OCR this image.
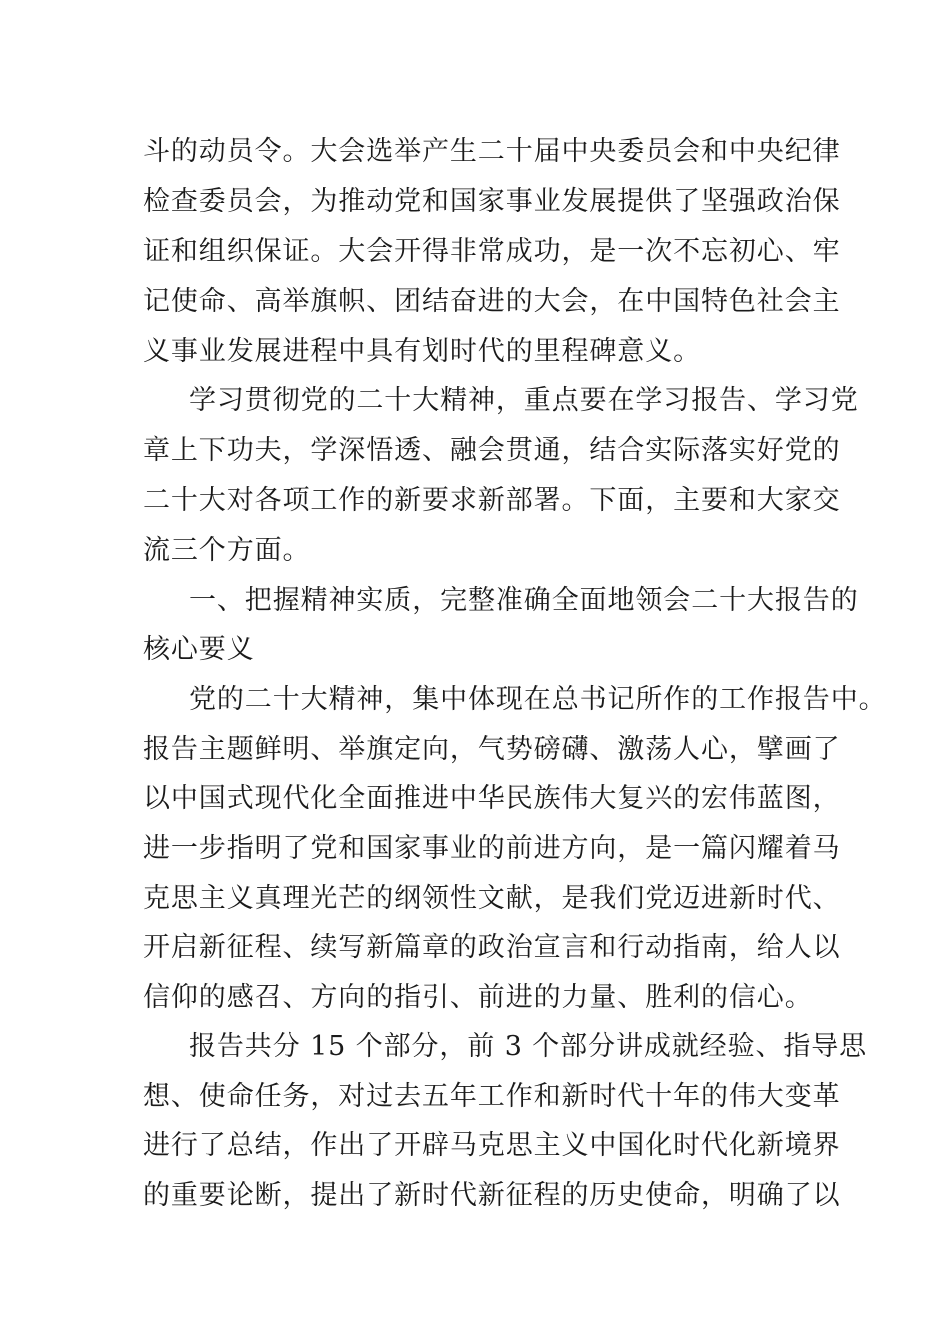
斗的动员令。大会选举产生二十届中央委员会和中央纪律
检查委员会，为推动党和国家事业发展提供了坚强政治保
证和组织保证。大会开得非常成功，是一次不忘初心、牢
记使命、高举旗帜、团结奋进的大会，在中国特色社会主
义事业发展进程中具有划时代的里程碑意义。
学习贯彻党的二十大精神，重点要在学习报告、学习党
章上下功夫，学深悟透、融会贯通，结合实际落实好党的
二十大对各项工作的新要求新部署。下面，主要和大家交
流三个方面。
一、把握精神实质，完整准确全面地领会二十大报告的
核心要义
党的二十大精神，集中体现在总书记所作的工作报告中。
报告主题鲜明、举旗定向，气势磅礴、激荡人心，擘画了
以中国式现代化全面推进中华民族伟大复兴的宏伟蓝图，
进一步指明了党和国家事业的前进方向，是一篇闪耀着马
克思主义真理光芒的纲领性文献，是我们党迈进新时代、
开启新征程、续写新篇章的政治宣言和行动指南，给人以
信仰的感召、方向的指引、前进的力量、胜利的信心。
报告共分 15 个部分，前 3 个部分讲成就经验、指导思
想、使命任务，对过去五年工作和新时代十年的伟大变革
进行了总结，作出了开辟马克思主义中国化时代化新境界
的重要论断，提出了新时代新征程的历史使命，明确了以
